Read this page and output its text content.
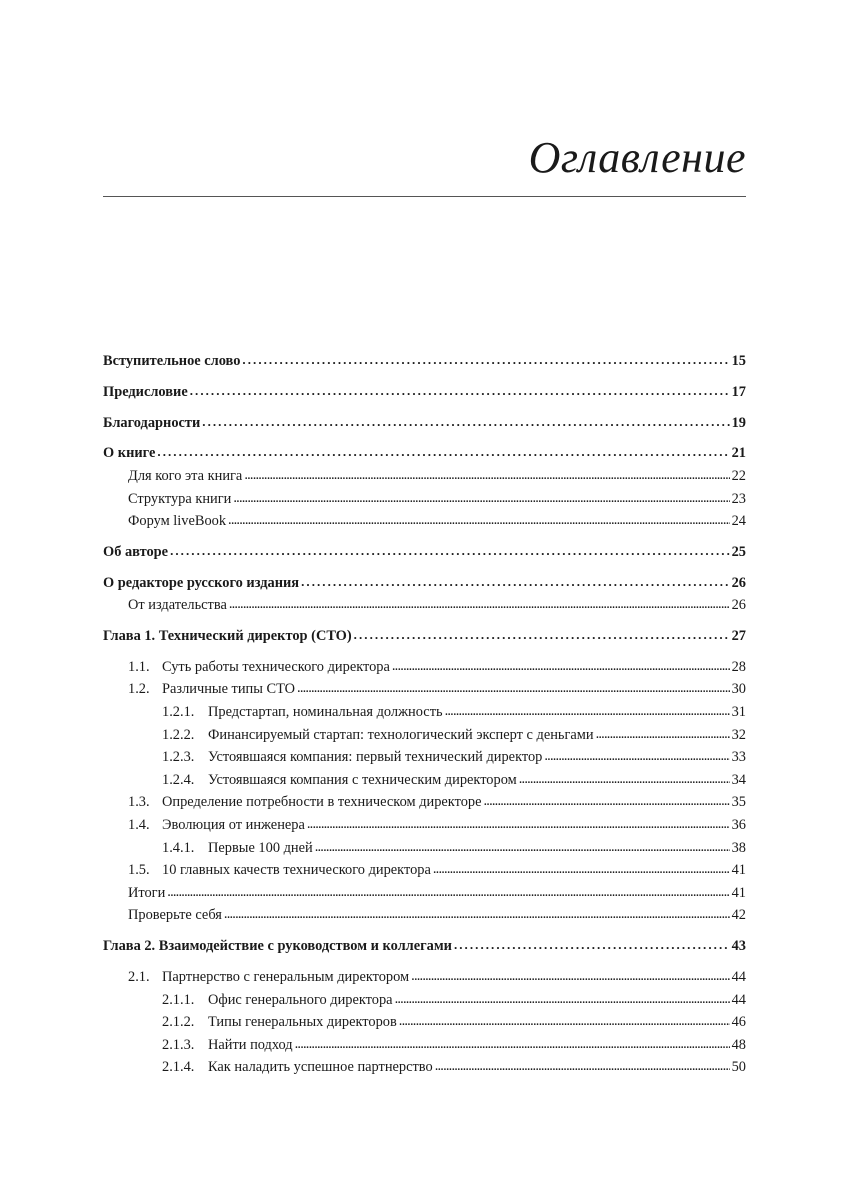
Оглавление
Вступительное слово . . .	15
Предисловие . . .	17
Благодарности . . .	19
О книге . . .	21
Для кого эта книга . . .	22
Структура книги . . .	23
Форум liveBook . . .	24
Об авторе . . .	25
О редакторе русского издания . . .	26
От издательства . . .	26
Глава 1. Технический директор (CTO) . . .	27
1.1. Суть работы технического директора . . .	28
1.2. Различные типы CTO . . .	30
1.2.1. Предстартап, номинальная должность . . .	31
1.2.2. Финансируемый стартап: технологический эксперт с деньгами . . .	32
1.2.3. Устоявшаяся компания: первый технический директор . . .	33
1.2.4. Устоявшаяся компания с техническим директором . . .	34
1.3. Определение потребности в техническом директоре . . .	35
1.4. Эволюция от инженера . . .	36
1.4.1. Первые 100 дней . . .	38
1.5. 10 главных качеств технического директора . . .	41
Итоги . . .	41
Проверьте себя . . .	42
Глава 2. Взаимодействие с руководством и коллегами . . .	43
2.1. Партнерство с генеральным директором . . .	44
2.1.1. Офис генерального директора . . .	44
2.1.2. Типы генеральных директоров . . .	46
2.1.3. Найти подход . . .	48
2.1.4. Как наладить успешное партнерство . . .	50
